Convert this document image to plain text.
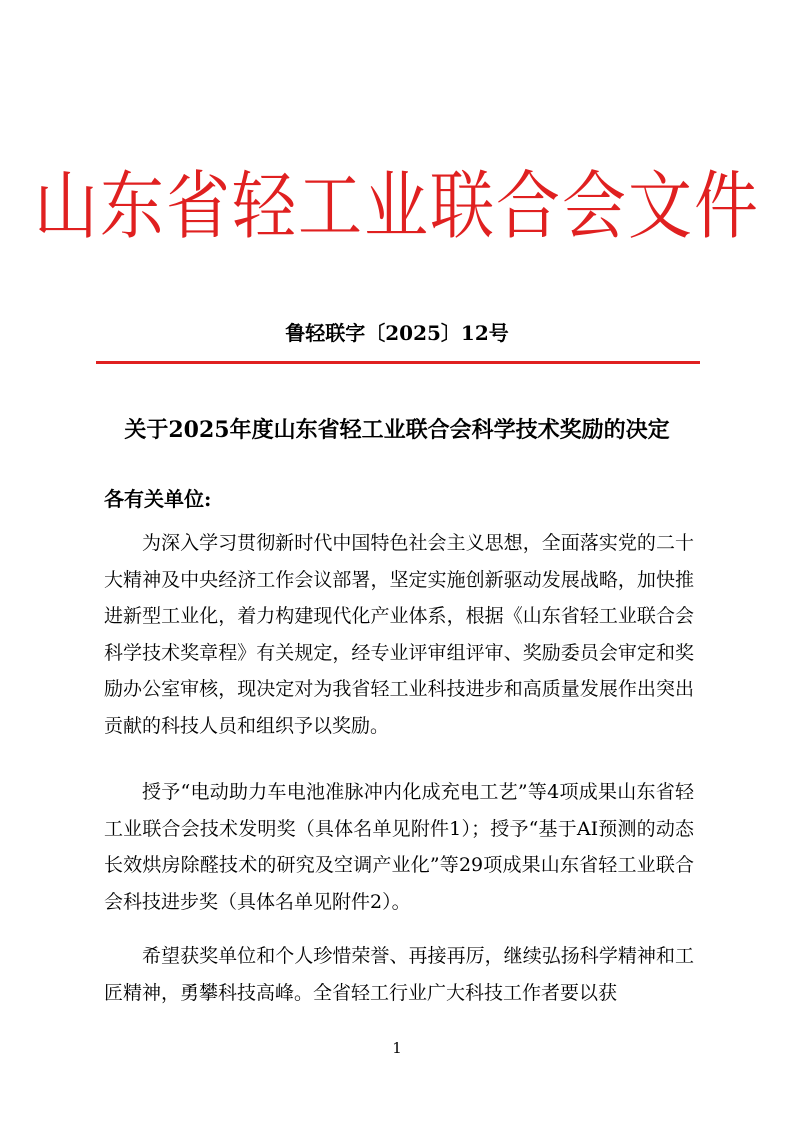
山东省轻工业联合会文件
鲁轻联字〔2025〕12号
关于2025年度山东省轻工业联合会科学技术奖励的决定
各有关单位:

为深入学习贯彻新时代中国特色社会主义思想，全面落实党的二十大精神及中央经济工作会议部署，坚定实施创新驱动发展战略，加快推进新型工业化，着力构建现代化产业体系，根据《山东省轻工业联合会科学技术奖章程》有关规定，经专业评审组评审、奖励委员会审定和奖励办公室审核，现决定对为我省轻工业科技进步和高质量发展作出突出贡献的科技人员和组织予以奖励。

授予“电动助力车电池准脉冲内化成充电工艺”等4项成果山东省轻工业联合会技术发明奖（具体名单见附件1）；授予“基于AI预测的动态长效烘房除醛技术的研究及空调产业化”等29项成果山东省轻工业联合会科技进步奖（具体名单见附件2）。

希望获奖单位和个人珍惜荣誉、再接再厉，继续弘扬科学精神和工匠精神，勇攀科技高峰。全省轻工行业广大科技工作者要以获

1
